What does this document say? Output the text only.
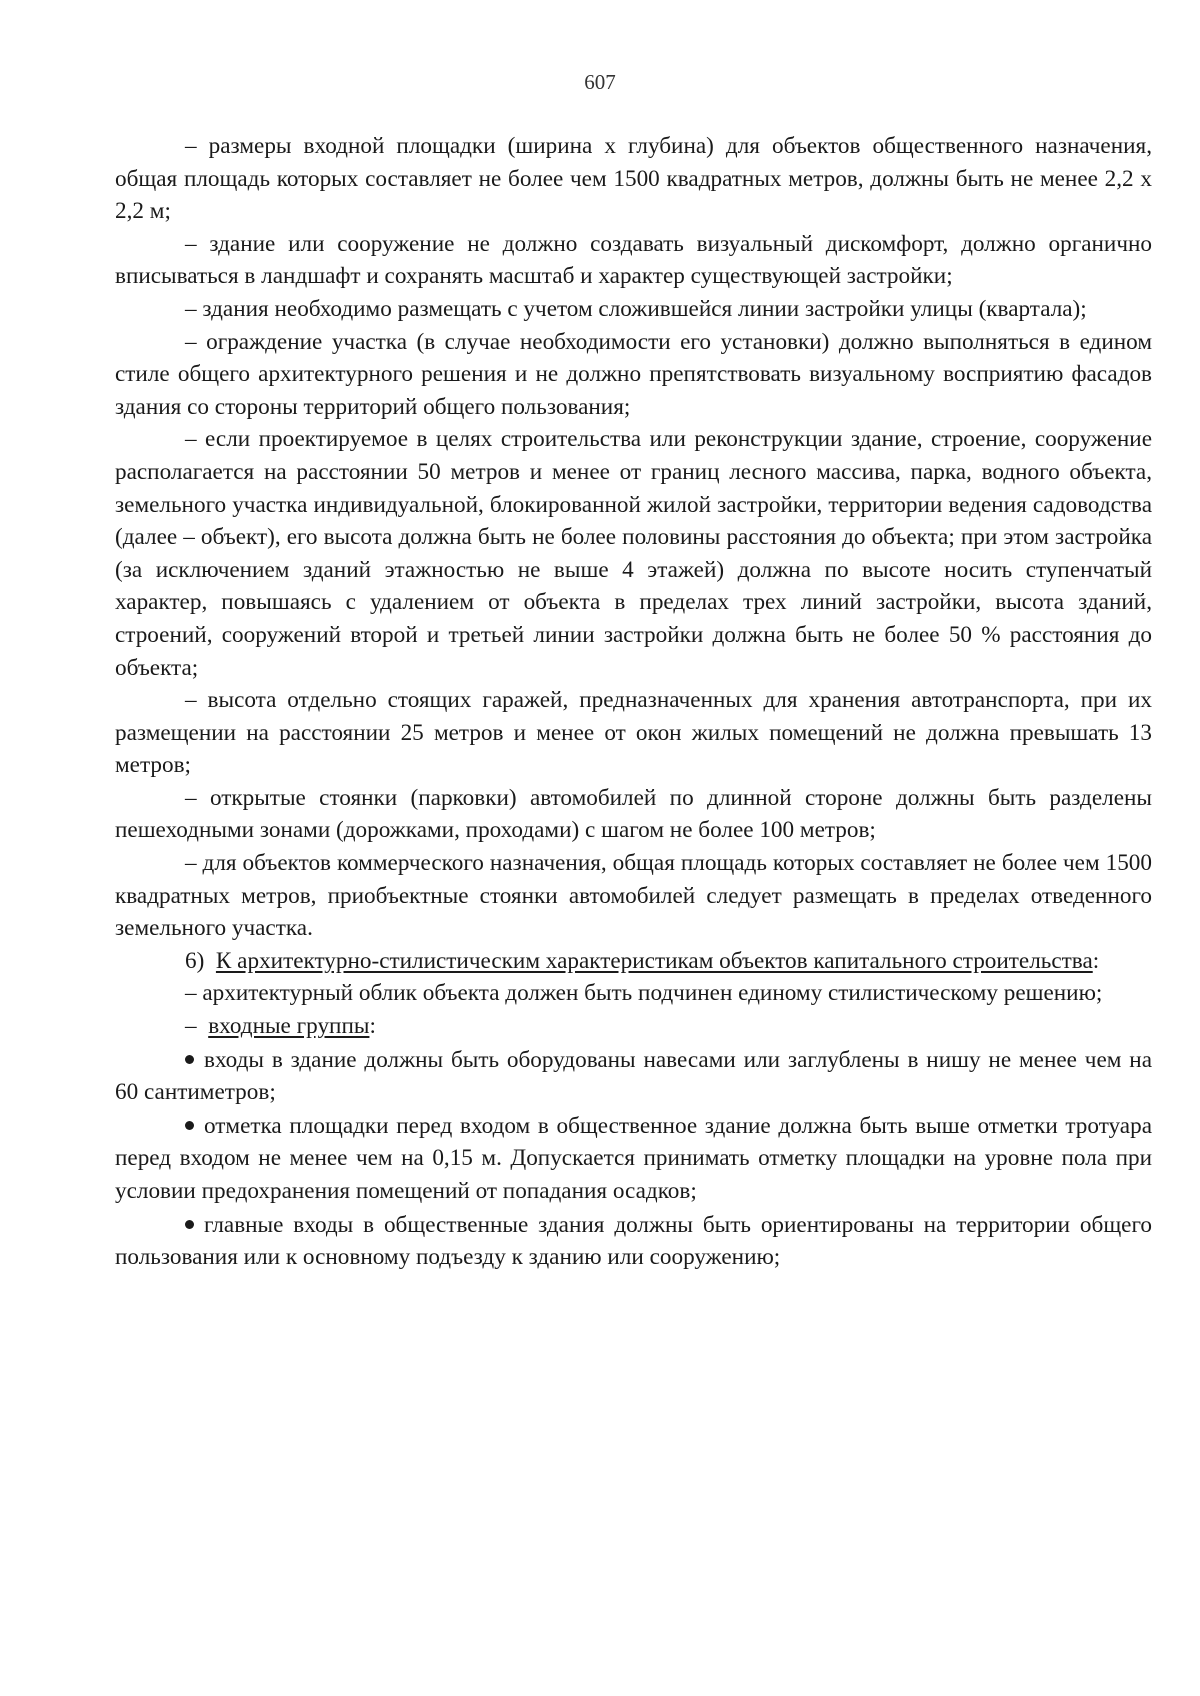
607

– размеры входной площадки (ширина х глубина) для объектов общественного назначения, общая площадь которых составляет не более чем 1500 квадратных метров, должны быть не менее 2,2 х 2,2 м;

– здание или сооружение не должно создавать визуальный дискомфорт, должно органично вписываться в ландшафт и сохранять масштаб и характер существующей застройки;

– здания необходимо размещать с учетом сложившейся линии застройки улицы (квартала);

– ограждение участка (в случае необходимости его установки) должно выполняться в едином стиле общего архитектурного решения и не должно препятствовать визуальному восприятию фасадов здания со стороны территорий общего пользования;

– если проектируемое в целях строительства или реконструкции здание, строение, сооружение располагается на расстоянии 50 метров и менее от границ лесного массива, парка, водного объекта, земельного участка индивидуальной, блокированной жилой застройки, территории ведения садоводства (далее – объект), его высота должна быть не более половины расстояния до объекта; при этом застройка (за исключением зданий этажностью не выше 4 этажей) должна по высоте носить ступенчатый характер, повышаясь с удалением от объекта в пределах трех линий застройки, высота зданий, строений, сооружений второй и третьей линии застройки должна быть не более 50 % расстояния до объекта;

– высота отдельно стоящих гаражей, предназначенных для хранения автотранспорта, при их размещении на расстоянии 25 метров и менее от окон жилых помещений не должна превышать 13 метров;

– открытые стоянки (парковки) автомобилей по длинной стороне должны быть разделены пешеходными зонами (дорожками, проходами) с шагом не более 100 метров;

– для объектов коммерческого назначения, общая площадь которых составляет не более чем 1500 квадратных метров, приобъектные стоянки автомобилей следует размещать в пределах отведенного земельного участка.

6) К архитектурно-стилистическим характеристикам объектов капитального строительства:

– архитектурный облик объекта должен быть подчинен единому стилистическому решению;

– входные группы:

входы в здание должны быть оборудованы навесами или заглублены в нишу не менее чем на 60 сантиметров;

отметка площадки перед входом в общественное здание должна быть выше отметки тротуара перед входом не менее чем на 0,15 м. Допускается принимать отметку площадки на уровне пола при условии предохранения помещений от попадания осадков;

главные входы в общественные здания должны быть ориентированы на территории общего пользования или к основному подъезду к зданию или сооружению;
